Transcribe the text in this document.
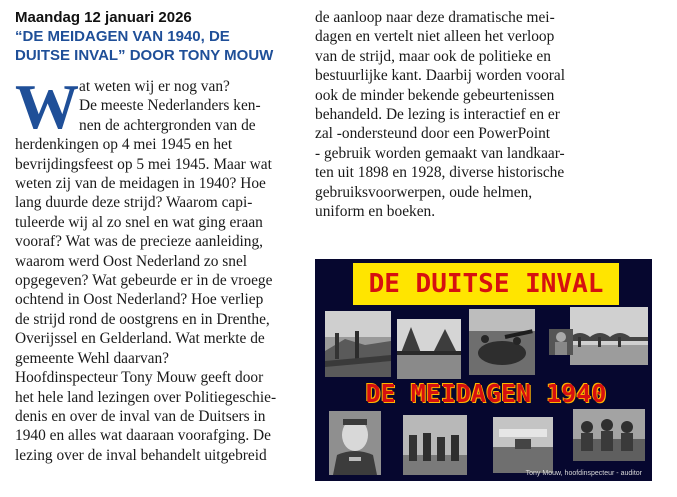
Maandag 12 januari 2026
“DE MEIDAGEN VAN 1940, DE
DUITSE INVAL” DOOR TONY MOUW
W at weten wij er nog van?
De meeste Nederlanders ken-
nen de achtergronden van de
herdenkingen op 4 mei 1945 en het
bevrijdingsfeest op 5 mei 1945. Maar wat
weten zij van de meidagen in 1940? Hoe
lang duurde deze strijd? Waarom capi-
tuleerde wij al zo snel en wat ging eraan
vooraf? Wat was de precieze aanleiding,
waarom werd Oost Nederland zo snel
opgegeven? Wat gebeurde er in de vroege
ochtend in Oost Nederland? Hoe verliep
de strijd rond de oostgrens en in Drenthe,
Overijssel en Gelderland. Wat merkte de
gemeente Wehl daarvan?
Hoofdinspecteur Tony Mouw geeft door
het hele land lezingen over Politiegeschie-
denis en over de inval van de Duitsers in
1940 en alles wat daaraan voorafging. De
lezing over de inval behandelt uitgebreid
de aanloop naar deze dramatische mei-
dagen en vertelt niet alleen het verloop
van de strijd, maar ook de politieke en
bestuurlijke kant. Daarbij worden vooral
ook de minder bekende gebeurtenissen
behandeld. De lezing is interactief en er
zal -ondersteund door een PowerPoint
- gebruik worden gemaakt van landkaar-
ten uit 1898 en 1928, diverse historische
gebruiksvoorwerpen, oude helmen,
uniform en boeken.
DE DUITSE INVAL
DE MEIDAGEN 1940
Tony Mouw, hoofdinspecteur - auditor
